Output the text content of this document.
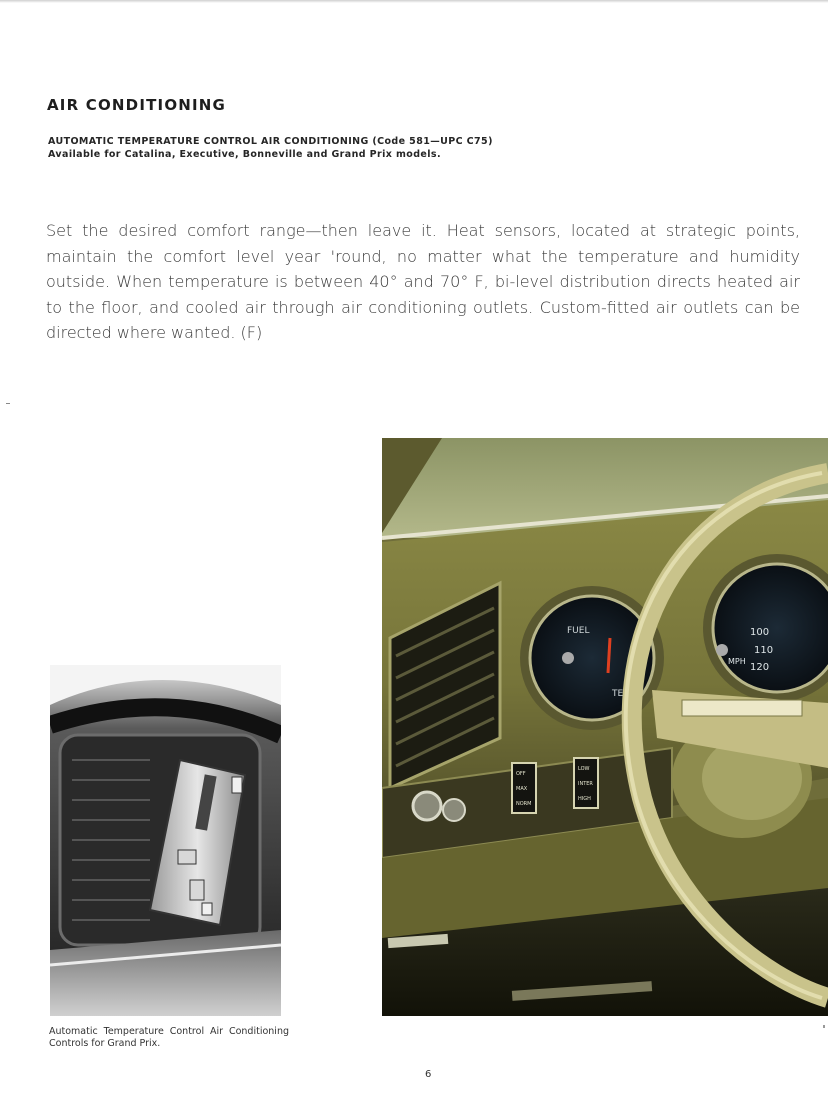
AIR CONDITIONING
AUTOMATIC TEMPERATURE CONTROL AIR CONDITIONING (Code 581—UPC C75)
Available for Catalina, Executive, Bonneville and Grand Prix models.

Set the desired comfort range—then leave it. Heat sensors, located at strategic points, maintain the comfort level year 'round, no matter what the temperature and humidity outside. When temperature is between 40° and 70° F, bi-level distribution directs heated air to the floor, and cooled air through air conditioning outlets. Custom-fitted air outlets can be directed where wanted. (F)

FUEL
TEMP
100
110
120
MPH
OFF
MAX
NORM
LOW
INTER
HIGH

Automatic Temperature Control Air Conditioning Controls for Grand Prix.

6
